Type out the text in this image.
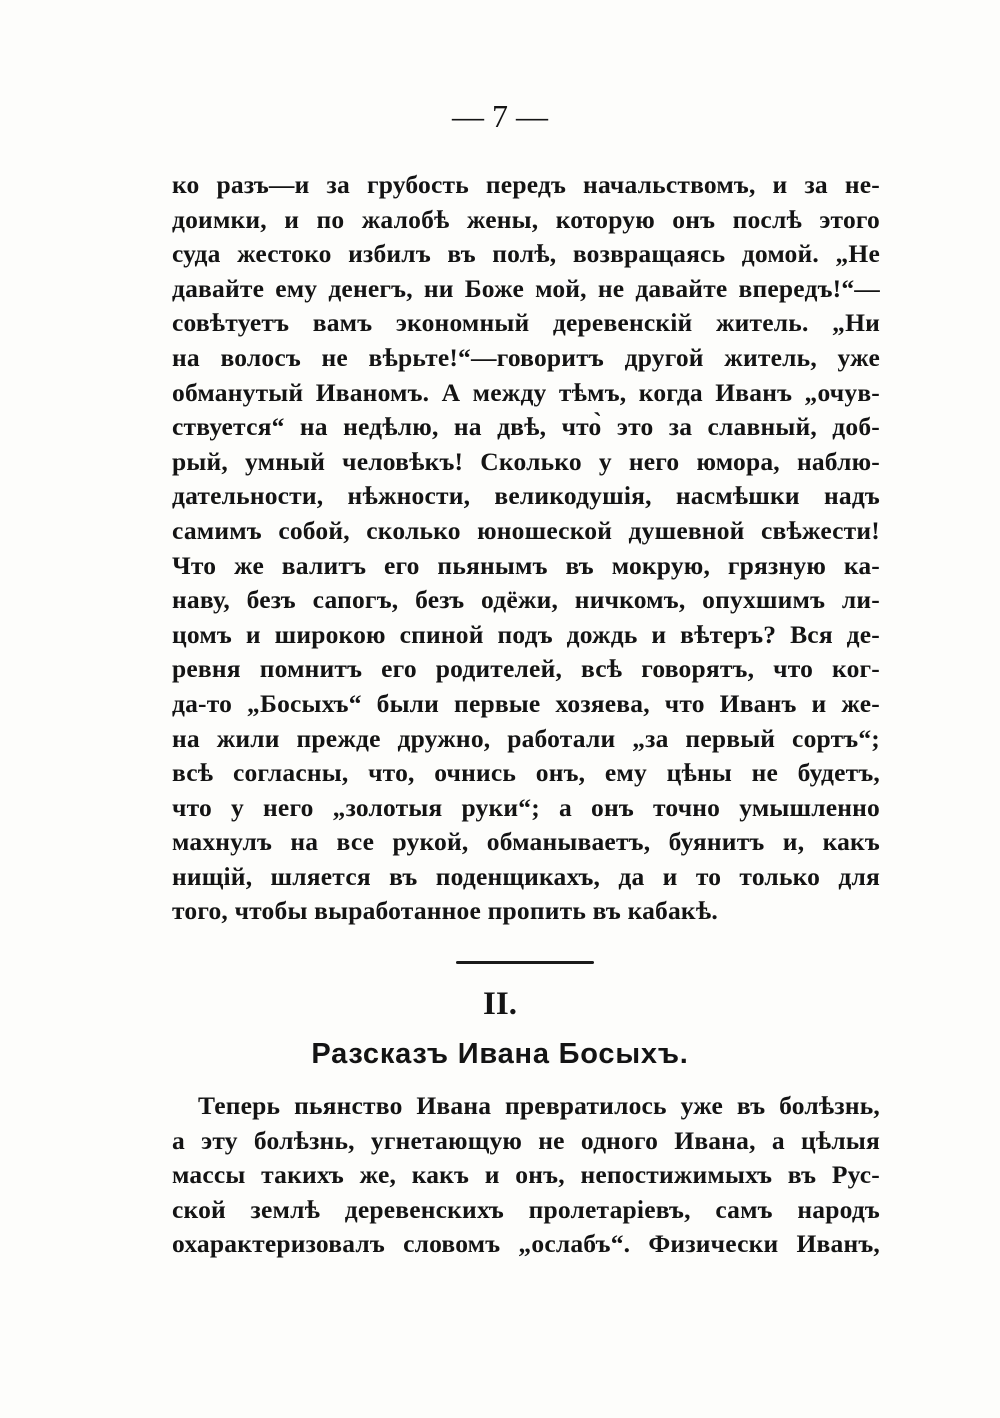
— 7 —
ко разъ—и за грубость передъ начальствомъ, и за не-
доимки, и по жалобѣ жены, которую онъ послѣ этого
суда жестоко избилъ въ полѣ, возвращаясь домой. „Не
давайте ему денегъ, ни Боже мой, не давайте впередъ!“—
совѣтуетъ вамъ экономный деревенскій житель. „Ни
на волосъ не вѣрьте!“—говоритъ другой житель, уже
обманутый Иваномъ. А между тѣмъ, когда Иванъ „очув-
ствуется“ на недѣлю, на двѣ, что̀ это за славный, доб-
рый, умный человѣкъ! Сколько у него юмора, наблю-
дательности, нѣжности, великодушія, насмѣшки надъ
самимъ собой, сколько юношеской душевной свѣжести!
Что же валитъ его пьянымъ въ мокрую, грязную ка-
наву, безъ сапогъ, безъ одёжи, ничкомъ, опухшимъ ли-
цомъ и широкою спиной подъ дождь и вѣтеръ? Вся де-
ревня помнитъ его родителей, всѣ говорятъ, что ког-
да-то „Босыхъ“ были первые хозяева, что Иванъ и же-
на жили прежде дружно, работали „за первый сортъ“;
всѣ согласны, что, очнись онъ, ему цѣны не будетъ,
что у него „золотыя руки“; а онъ точно умышленно
махнулъ на все рукой, обманываетъ, буянитъ и, какъ
нищій, шляется въ поденщикахъ, да и то только для
того, чтобы выработанное пропить въ кабакѣ.
II.
Разсказъ Ивана Босыхъ.
Теперь пьянство Ивана превратилось уже въ болѣзнь,
а эту болѣзнь, угнетающую не одного Ивана, а цѣлыя
массы такихъ же, какъ и онъ, непостижимыхъ въ Рус-
ской землѣ деревенскихъ пролетаріевъ, самъ народъ
охарактеризовалъ словомъ „ослабъ“. Физически Иванъ,
